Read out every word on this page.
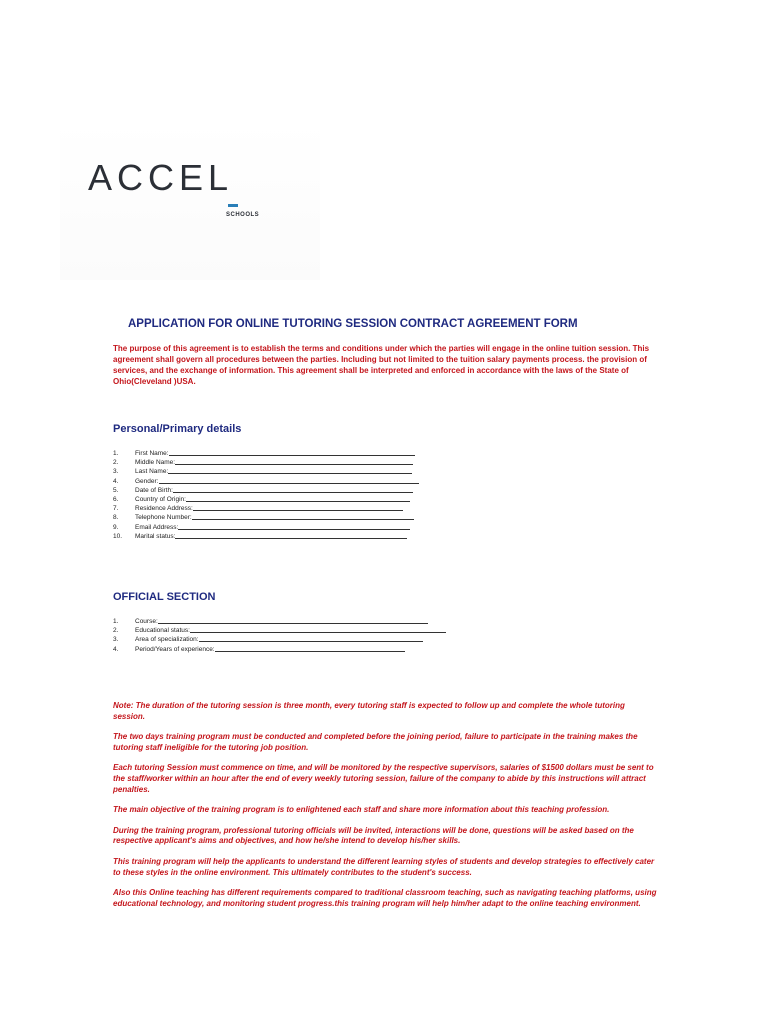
ACCEL
SCHOOLS
APPLICATION FOR ONLINE TUTORING SESSION CONTRACT AGREEMENT FORM
The purpose of this agreement is to establish the terms and conditions under which the parties will engage in the online tuition session. This agreement shall govern all procedures between the parties. Including but not limited to the tuition salary payments process. the provision of services, and the exchange of information. This agreement shall be interpreted and enforced in accordance with the laws of the State of Ohio(Cleveland )USA.
Personal/Primary details
1.	First Name:
2.	Middle Name:
3.	Last Name:
4.	Gender:
5.	Date of Birth:
6.	Country of Origin:
7.	Residence Address:
8.	Telephone Number:
9.	Email Address:
10.	Marital status:
OFFICIAL SECTION
1.	Course:
2.	Educational status:
3.	Area of specialization:
4.	Period/Years of experience:

Note: The duration of the tutoring session is three month, every tutoring staff is expected to follow up and complete the whole tutoring session.

The two days training program must be conducted and completed before the joining period, failure to participate in the training makes the tutoring staff ineligible for the tutoring job position.

Each tutoring Session must commence on time, and will be monitored by the respective supervisors, salaries of $1500 dollars must be sent to the staff/worker within an hour after the end of every weekly tutoring session, failure of the company to abide by this instructions will attract penalties.

The main objective of the training program is to enlightened each staff and share more information about this teaching profession.

During the training program, professional tutoring officials will be invited, interactions will be done, questions will be asked based on the respective applicant's aims and objectives, and how he/she intend to develop his/her skills.

This training program will help the applicants to understand the different learning styles of students and develop strategies to effectively cater to these styles in the online environment. This ultimately contributes to the student's success.

Also this Online teaching has different requirements compared to traditional classroom teaching, such as navigating teaching platforms, using educational technology, and monitoring student progress.this training program will help him/her adapt to the online teaching environment.
